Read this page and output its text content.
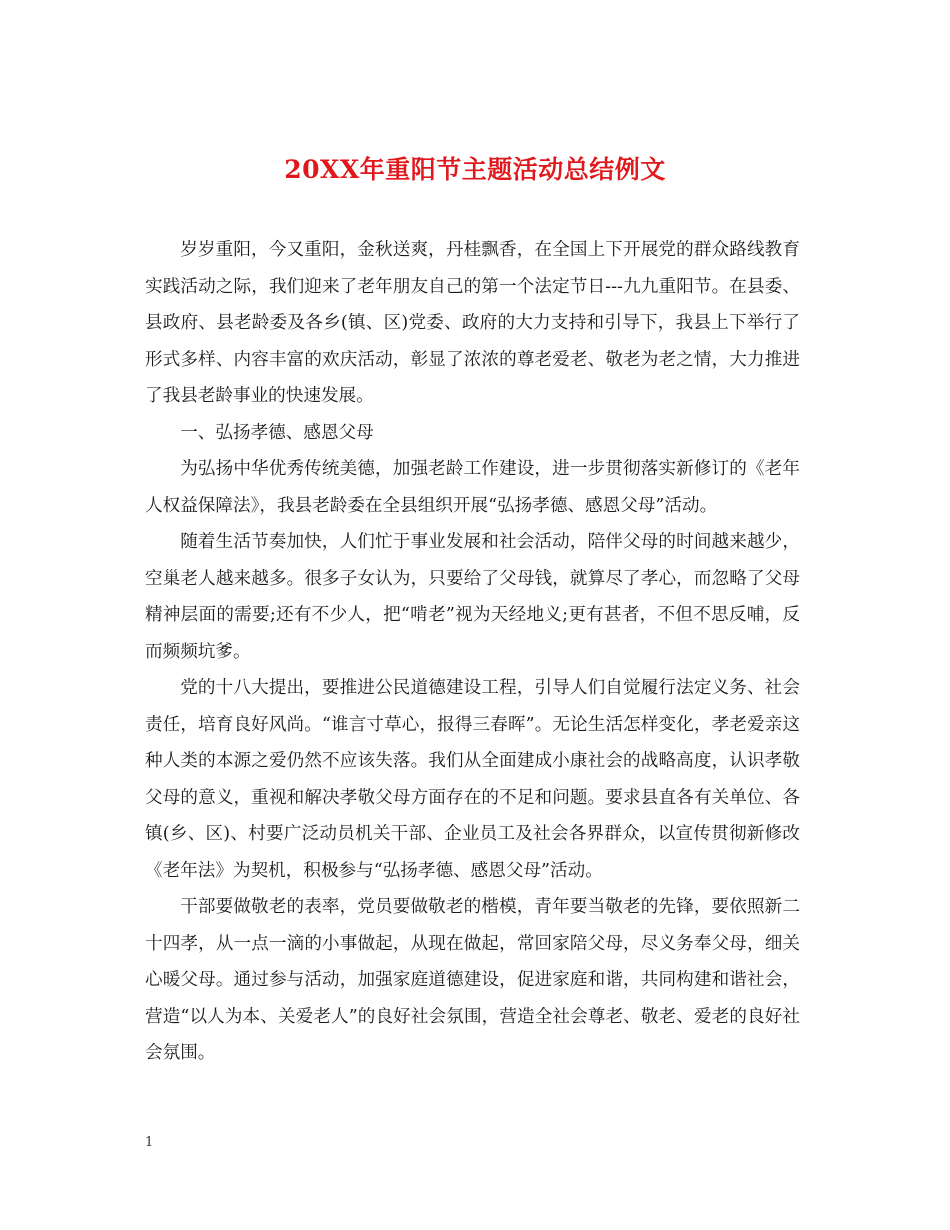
20XX年重阳节主题活动总结例文

岁岁重阳，今又重阳，金秋送爽，丹桂飘香，在全国上下开展党的群众路线教育实践活动之际，我们迎来了老年朋友自己的第一个法定节日---九九重阳节。在县委、县政府、县老龄委及各乡(镇、区)党委、政府的大力支持和引导下，我县上下举行了形式多样、内容丰富的欢庆活动，彰显了浓浓的尊老爱老、敬老为老之情，大力推进了我县老龄事业的快速发展。

一、弘扬孝德、感恩父母

为弘扬中华优秀传统美德，加强老龄工作建设，进一步贯彻落实新修订的《老年人权益保障法》，我县老龄委在全县组织开展“弘扬孝德、感恩父母”活动。

随着生活节奏加快，人们忙于事业发展和社会活动，陪伴父母的时间越来越少，空巢老人越来越多。很多子女认为，只要给了父母钱，就算尽了孝心，而忽略了父母精神层面的需要;还有不少人，把“啃老”视为天经地义;更有甚者，不但不思反哺，反而频频坑爹。

党的十八大提出，要推进公民道德建设工程，引导人们自觉履行法定义务、社会责任，培育良好风尚。“谁言寸草心，报得三春晖”。无论生活怎样变化，孝老爱亲这种人类的本源之爱仍然不应该失落。我们从全面建成小康社会的战略高度，认识孝敬父母的意义，重视和解决孝敬父母方面存在的不足和问题。要求县直各有关单位、各镇(乡、区)、村要广泛动员机关干部、企业员工及社会各界群众，以宣传贯彻新修改《老年法》为契机，积极参与“弘扬孝德、感恩父母”活动。

干部要做敬老的表率，党员要做敬老的楷模，青年要当敬老的先锋，要依照新二十四孝，从一点一滴的小事做起，从现在做起，常回家陪父母，尽义务奉父母，细关心暖父母。通过参与活动，加强家庭道德建设，促进家庭和谐，共同构建和谐社会，营造“以人为本、关爱老人”的良好社会氛围，营造全社会尊老、敬老、爱老的良好社会氛围。

1
